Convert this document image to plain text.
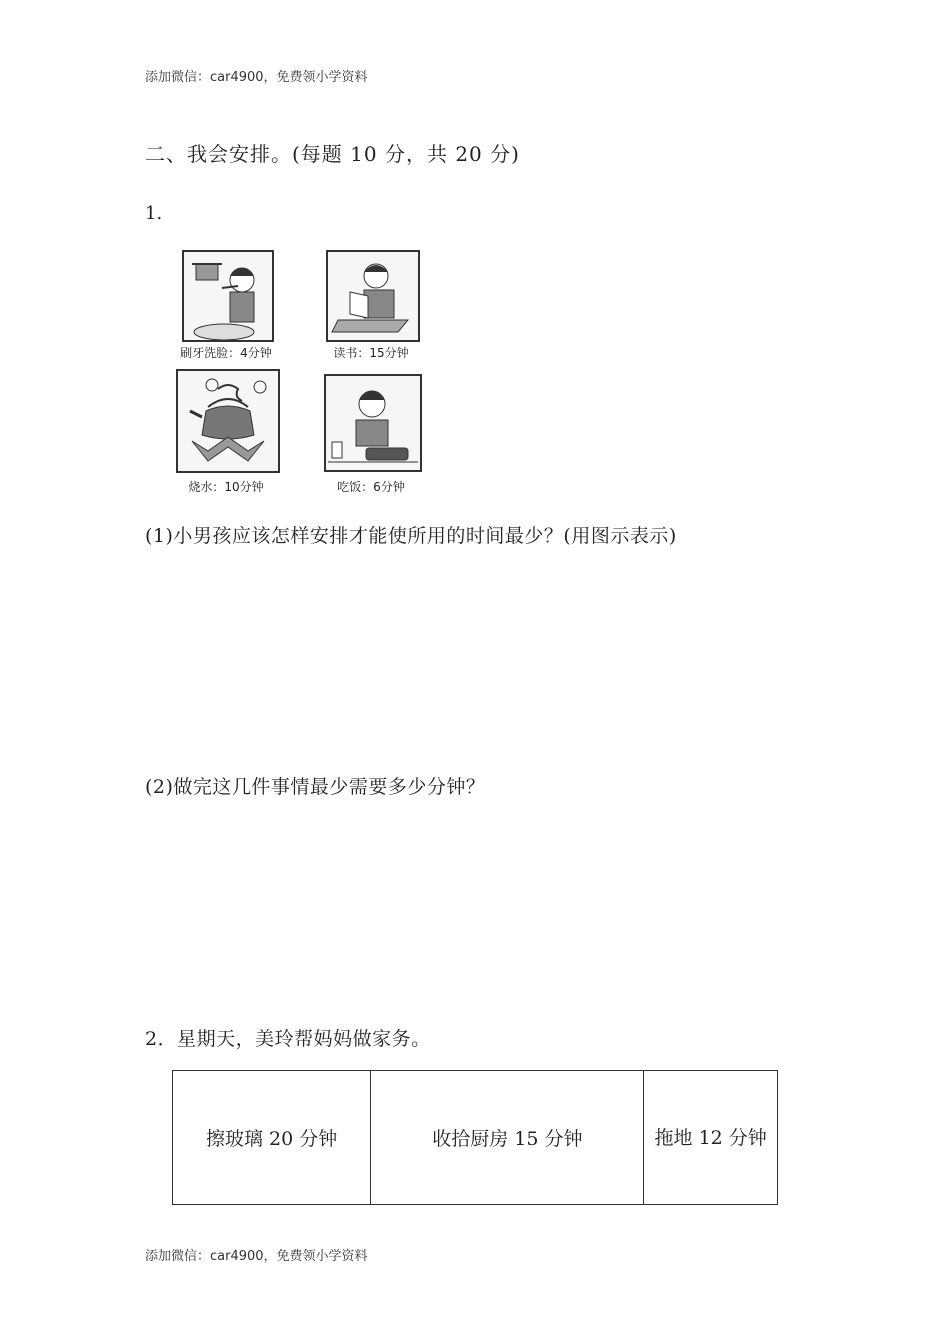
添加微信：car4900，免费领小学资料
二、我会安排。(每题 10 分，共 20 分)
1.
刷牙洗脸：4分钟	读书：15分钟
烧水：10分钟	吃饭：6分钟
(1)小男孩应该怎样安排才能使所用的时间最少？(用图示表示)
(2)做完这几件事情最少需要多少分钟？
2．星期天，美玲帮妈妈做家务。
擦玻璃 20 分钟	收拾厨房 15 分钟	拖地 12 分钟
添加微信：car4900，免费领小学资料
